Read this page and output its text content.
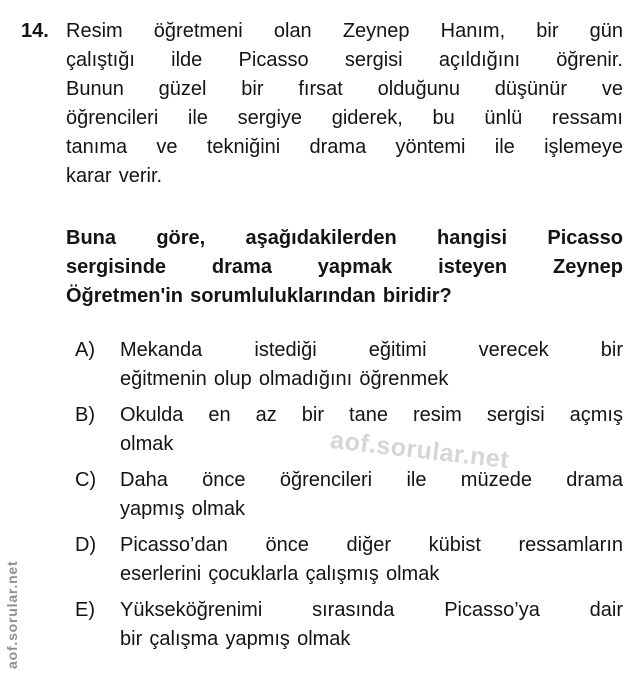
14. Resim öğretmeni olan Zeynep Hanım, bir gün
çalıştığı ilde Picasso sergisi açıldığını öğrenir.
Bunun güzel bir fırsat olduğunu düşünür ve
öğrencileri ile sergiye giderek, bu ünlü ressamı
tanıma ve tekniğini drama yöntemi ile işlemeye
karar verir.
Buna göre, aşağıdakilerden hangisi Picasso
sergisinde drama yapmak isteyen Zeynep
Öğretmen'in sorumluluklarından biridir?
A)	Mekanda istediği eğitimi verecek bir
eğitmenin olup olmadığını öğrenmek
B)	Okulda en az bir tane resim sergisi açmış
olmak
C)	Daha önce öğrencileri ile müzede drama
yapmış olmak
D)	Picasso’dan önce diğer kübist ressamların
eserlerini çocuklarla çalışmış olmak
E)	Yükseköğrenimi sırasında Picasso’ya dair
bir çalışma yapmış olmak
aof.sorular.net
aof.sorular.net
